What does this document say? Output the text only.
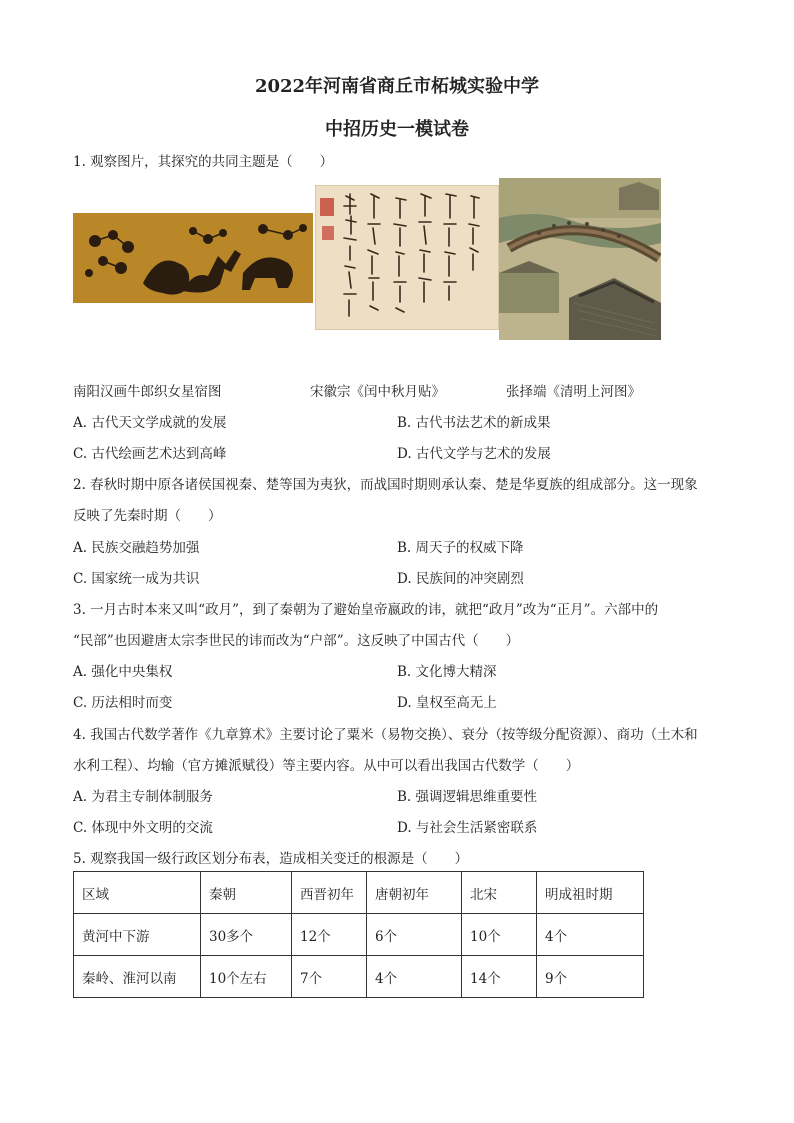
2022年河南省商丘市柘城实验中学
中招历史一模试卷
1. 观察图片，其探究的共同主题是（　　）
南阳汉画牛郎织女星宿图	宋徽宗《闰中秋月贴》	张择端《清明上河图》
A. 古代天文学成就的发展	B. 古代书法艺术的新成果
C. 古代绘画艺术达到高峰	D. 古代文学与艺术的发展
2. 春秋时期中原各诸侯国视秦、楚等国为夷狄，而战国时期则承认秦、楚是华夏族的组成部分。这一现象
反映了先秦时期（　　）
A. 民族交融趋势加强	B. 周天子的权威下降
C. 国家统一成为共识	D. 民族间的冲突剧烈
3. 一月古时本来又叫“政月”，到了秦朝为了避始皇帝嬴政的讳，就把“政月”改为“正月”。六部中的
“民部”也因避唐太宗李世民的讳而改为“户部”。这反映了中国古代（　　）
A. 强化中央集权	B. 文化博大精深
C. 历法相时而变	D. 皇权至高无上
4. 我国古代数学著作《九章算术》主要讨论了粟米（易物交换）、衰分（按等级分配资源）、商功（土木和
水利工程）、均输（官方摊派赋役）等主要内容。从中可以看出我国古代数学（　　）
A. 为君主专制体制服务	B. 强调逻辑思维重要性
C. 体现中外文明的交流	D. 与社会生活紧密联系
5. 观察我国一级行政区划分布表，造成相关变迁的根源是（　　）
区域	秦朝	西晋初年	唐朝初年	北宋	明成祖时期
黄河中下游	30多个	12个	6个	10个	4个
秦岭、淮河以南	10个左右	7个	4个	14个	9个
